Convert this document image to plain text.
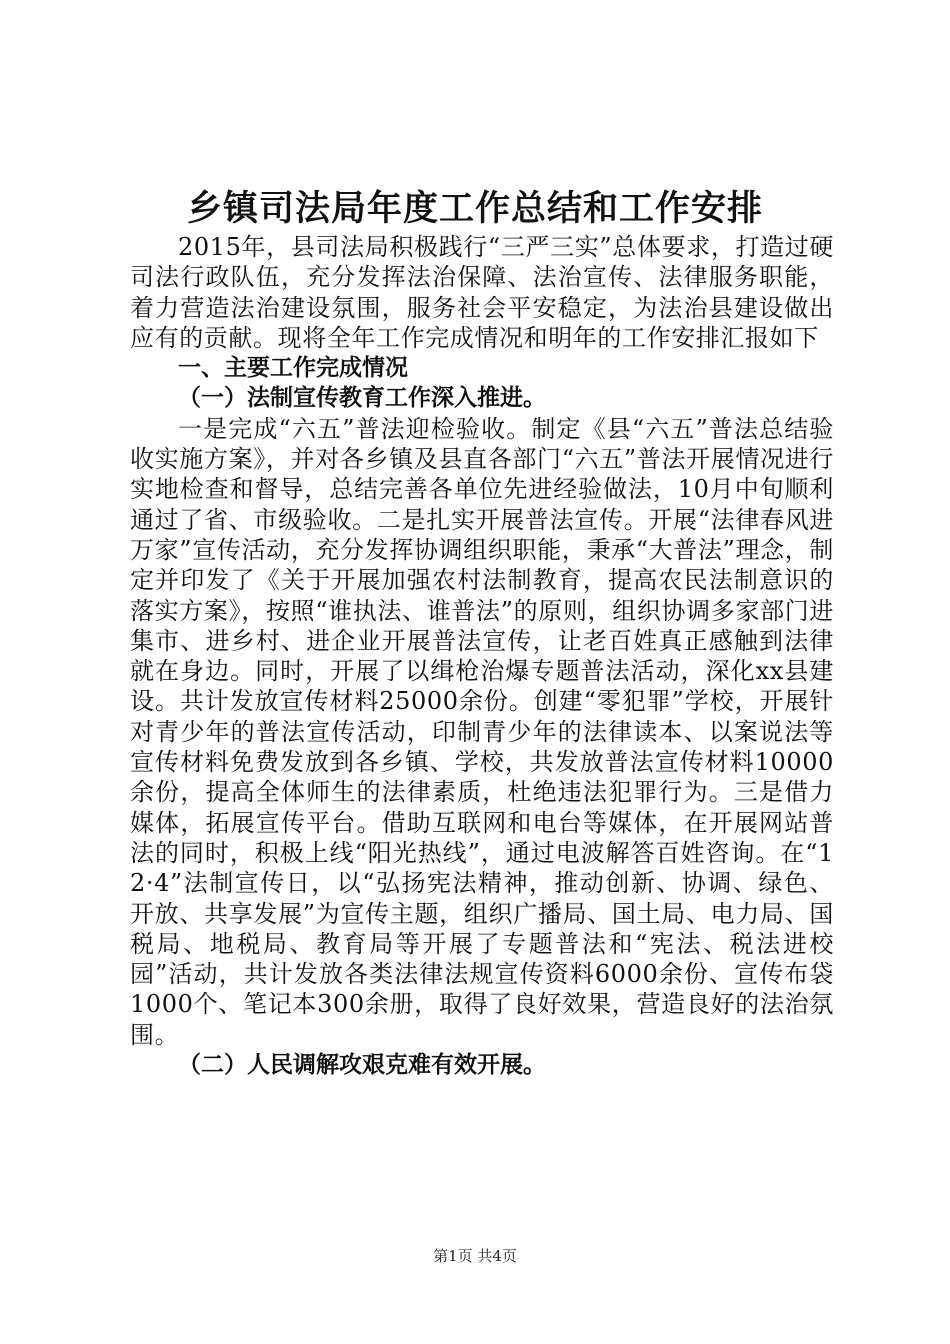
乡镇司法局年度工作总结和工作安排

2015年，县司法局积极践行“三严三实”总体要求，打造过硬司法行政队伍，充分发挥法治保障、法治宣传、法律服务职能，着力营造法治建设氛围，服务社会平安稳定，为法治县建设做出应有的贡献。现将全年工作完成情况和明年的工作安排汇报如下

一、主要工作完成情况

（一）法制宣传教育工作深入推进。

一是完成“六五”普法迎检验收。制定《县“六五”普法总结验收实施方案》，并对各乡镇及县直各部门“六五”普法开展情况进行实地检查和督导，总结完善各单位先进经验做法，10月中旬顺利通过了省、市级验收。二是扎实开展普法宣传。开展“法律春风进万家”宣传活动，充分发挥协调组织职能，秉承“大普法”理念，制定并印发了《关于开展加强农村法制教育，提高农民法制意识的落实方案》，按照“谁执法、谁普法”的原则，组织协调多家部门进集市、进乡村、进企业开展普法宣传，让老百姓真正感触到法律就在身边。同时，开展了以缉枪治爆专题普法活动，深化xx县建设。共计发放宣传材料25000余份。创建“零犯罪”学校，开展针对青少年的普法宣传活动，印制青少年的法律读本、以案说法等宣传材料免费发放到各乡镇、学校，共发放普法宣传材料10000余份，提高全体师生的法律素质，杜绝违法犯罪行为。三是借力媒体，拓展宣传平台。借助互联网和电台等媒体，在开展网站普法的同时，积极上线“阳光热线”，通过电波解答百姓咨询。在“12·4”法制宣传日，以“弘扬宪法精神，推动创新、协调、绿色、开放、共享发展”为宣传主题，组织广播局、国土局、电力局、国税局、地税局、教育局等开展了专题普法和“宪法、税法进校园”活动，共计发放各类法律法规宣传资料6000余份、宣传布袋1000个、笔记本300余册，取得了良好效果，营造良好的法治氛围。

（二）人民调解攻艰克难有效开展。

第1页 共4页
